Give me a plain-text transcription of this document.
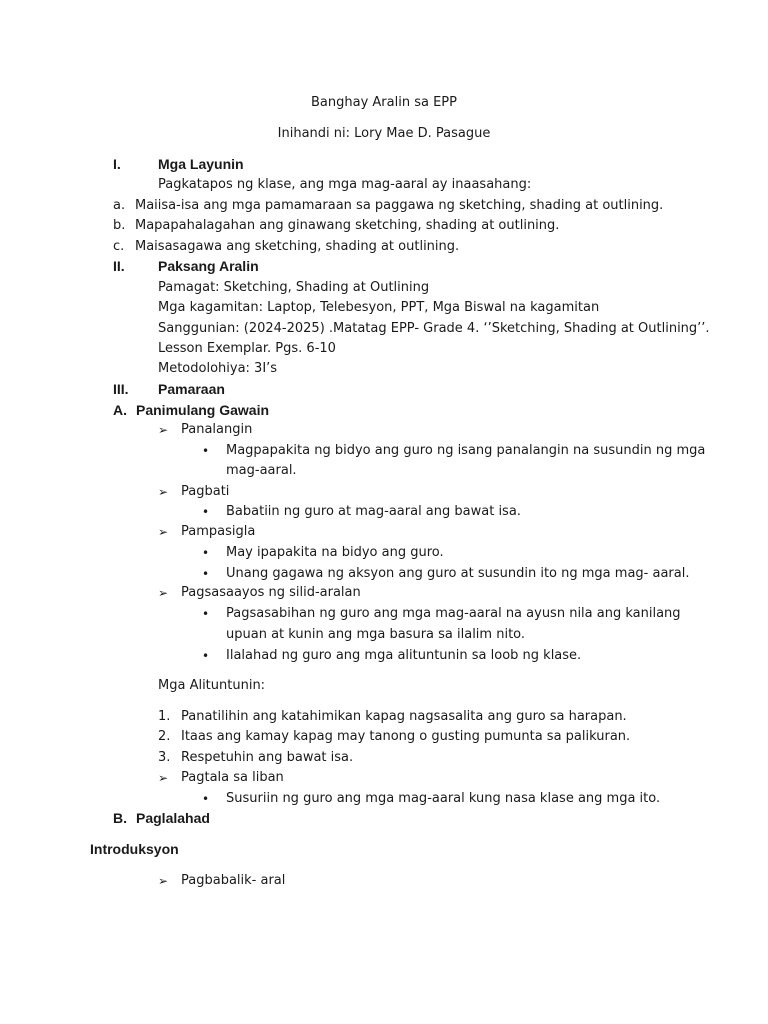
Banghay Aralin sa EPP
Inihandi ni: Lory Mae D. Pasague
I.	Mga Layunin
Pagkatapos ng klase, ang mga mag-aaral ay inaasahang:
a. Maiisa-isa ang mga pamamaraan sa paggawa ng sketching, shading at outlining.
b. Mapapahalagahan ang ginawang sketching, shading at outlining.
c. Maisasagawa ang sketching, shading at outlining.
II. Paksang Aralin
Pamagat: Sketching, Shading at Outlining
Mga kagamitan: Laptop, Telebesyon, PPT, Mga Biswal na kagamitan
Sanggunian: (2024-2025) .Matatag EPP- Grade 4. ‘’Sketching, Shading at Outlining’’.
Lesson Exemplar. Pgs. 6-10
Metodolohiya: 3I’s
III. Pamaraan
A. Panimulang Gawain
➢ Panalangin
• Magpapakita ng bidyo ang guro ng isang panalangin na susundin ng mga
mag-aaral.
➢ Pagbati
• Babatiin ng guro at mag-aaral ang bawat isa.
➢ Pampasigla
• May ipapakita na bidyo ang guro.
• Unang gagawa ng aksyon ang guro at susundin ito ng mga mag- aaral.
➢ Pagsasaayos ng silid-aralan
• Pagsasabihan ng guro ang mga mag-aaral na ayusn nila ang kanilang
upuan at kunin ang mga basura sa ilalim nito.
• Ilalahad ng guro ang mga alituntunin sa loob ng klase.
Mga Alituntunin:
1. Panatilihin ang katahimikan kapag nagsasalita ang guro sa harapan.
2. Itaas ang kamay kapag may tanong o gusting pumunta sa palikuran.
3. Respetuhin ang bawat isa.
➢ Pagtala sa liban
• Susuriin ng guro ang mga mag-aaral kung nasa klase ang mga ito.
B. Paglalahad
Introduksyon
➢ Pagbabalik- aral
